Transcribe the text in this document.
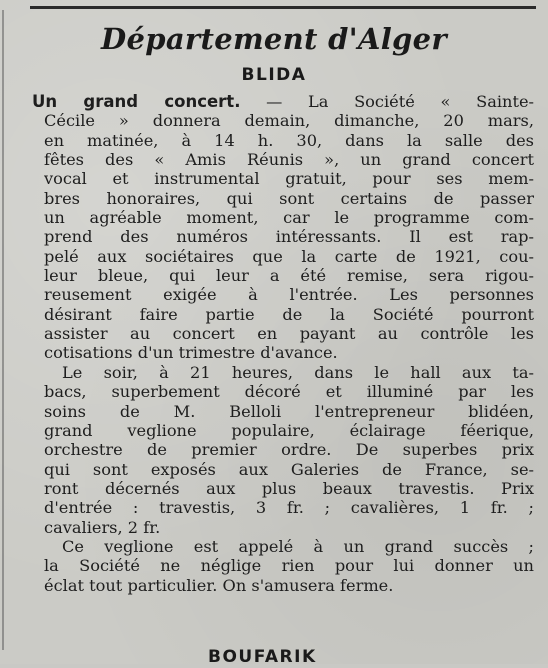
Département d'Alger
BLIDA
Un grand concert. — La Société « Sainte-
Cécile » donnera demain, dimanche, 20 mars,
en matinée, à 14 h. 30, dans la salle des
fêtes des « Amis Réunis », un grand concert
vocal et instrumental gratuit, pour ses mem-
bres honoraires, qui sont certains de passer
un agréable moment, car le programme com-
prend des numéros intéressants. Il est rap-
pelé aux sociétaires que la carte de 1921, cou-
leur bleue, qui leur a été remise, sera rigou-
reusement exigée à l'entrée. Les personnes
désirant faire partie de la Société pourront
assister au concert en payant au contrôle les
cotisations d'un trimestre d'avance.
Le soir, à 21 heures, dans le hall aux ta-
bacs, superbement décoré et illuminé par les
soins de M. Belloli l'entrepreneur blidéen,
grand veglione populaire, éclairage féerique,
orchestre de premier ordre. De superbes prix
qui sont exposés aux Galeries de France, se-
ront décernés aux plus beaux travestis. Prix
d'entrée : travestis, 3 fr. ; cavalières, 1 fr. ;
cavaliers, 2 fr.
Ce veglione est appelé à un grand succès ;
la Société ne néglige rien pour lui donner un
éclat tout particulier. On s'amusera ferme.
BOUFARIK
